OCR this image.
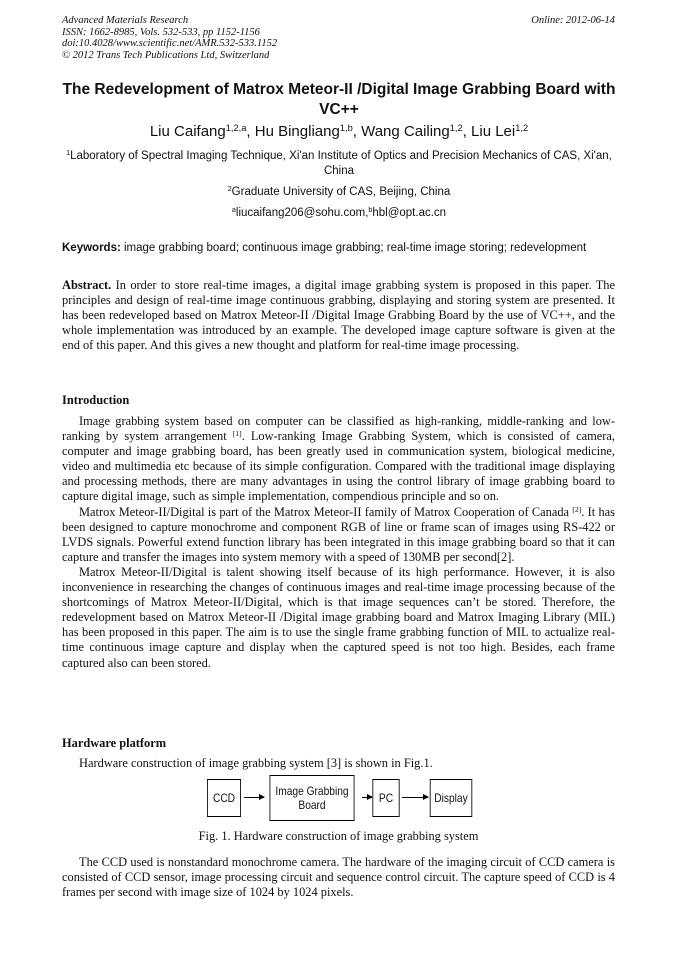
Advanced Materials Research
ISSN: 1662-8985, Vols. 532-533, pp 1152-1156
doi:10.4028/www.scientific.net/AMR.532-533.1152
© 2012 Trans Tech Publications Ltd, Switzerland
Online: 2012-06-14
The Redevelopment of Matrox Meteor-II /Digital Image Grabbing Board with VC++
Liu Caifang$^{1,2,a}$, Hu Bingliang$^{1,b}$, Wang Cailing$^{1,2}$, Liu Lei$^{1,2}$
$^1$Laboratory of Spectral Imaging Technique, Xi'an Institute of Optics and Precision Mechanics of CAS, Xi'an, China
$^2$Graduate University of CAS, Beijing, China
$^a$liucaifang206@sohu.com,$^b$hbl@opt.ac.cn
Keywords: image grabbing board; continuous image grabbing; real-time image storing; redevelopment
Abstract. In order to store real-time images, a digital image grabbing system is proposed in this paper. The principles and design of real-time image continuous grabbing, displaying and storing system are presented. It has been redeveloped based on Matrox Meteor-II /Digital Image Grabbing Board by the use of VC++, and the whole implementation was introduced by an example. The developed image capture software is given at the end of this paper. And this gives a new thought and platform for real-time image processing.
Introduction
Image grabbing system based on computer can be classified as high-ranking, middle-ranking and low-ranking by system arrangement [1]. Low-ranking Image Grabbing System, which is consisted of camera, computer and image grabbing board, has been greatly used in communication system, biological medicine, video and multimedia etc because of its simple configuration. Compared with the traditional image displaying and processing methods, there are many advantages in using the control library of image grabbing board to capture digital image, such as simple implementation, compendious principle and so on.
Matrox Meteor-II/Digital is part of the Matrox Meteor-II family of Matrox Cooperation of Canada [2]. It has been designed to capture monochrome and component RGB of line or frame scan of images using RS-422 or LVDS signals. Powerful extend function library has been integrated in this image grabbing board so that it can capture and transfer the images into system memory with a speed of 130MB per second[2].
Matrox Meteor-II/Digital is talent showing itself because of its high performance. However, it is also inconvenience in researching the changes of continuous images and real-time image processing because of the shortcomings of Matrox Meteor-II/Digital, which is that image sequences can’t be stored. Therefore, the redevelopment based on Matrox Meteor-II /Digital image grabbing board and Matrox Imaging Library (MIL) has been proposed in this paper. The aim is to use the single frame grabbing function of MIL to actualize real-time continuous image capture and display when the captured speed is not too high. Besides, each frame captured also can been stored.
Hardware platform
Hardware construction of image grabbing system [3] is shown in Fig.1.
CCD	Image Grabbing Board	PC	Display
Fig. 1. Hardware construction of image grabbing system
The CCD used is nonstandard monochrome camera. The hardware of the imaging circuit of CCD camera is consisted of CCD sensor, image processing circuit and sequence control circuit. The capture speed of CCD is 4 frames per second with image size of 1024 by 1024 pixels.
